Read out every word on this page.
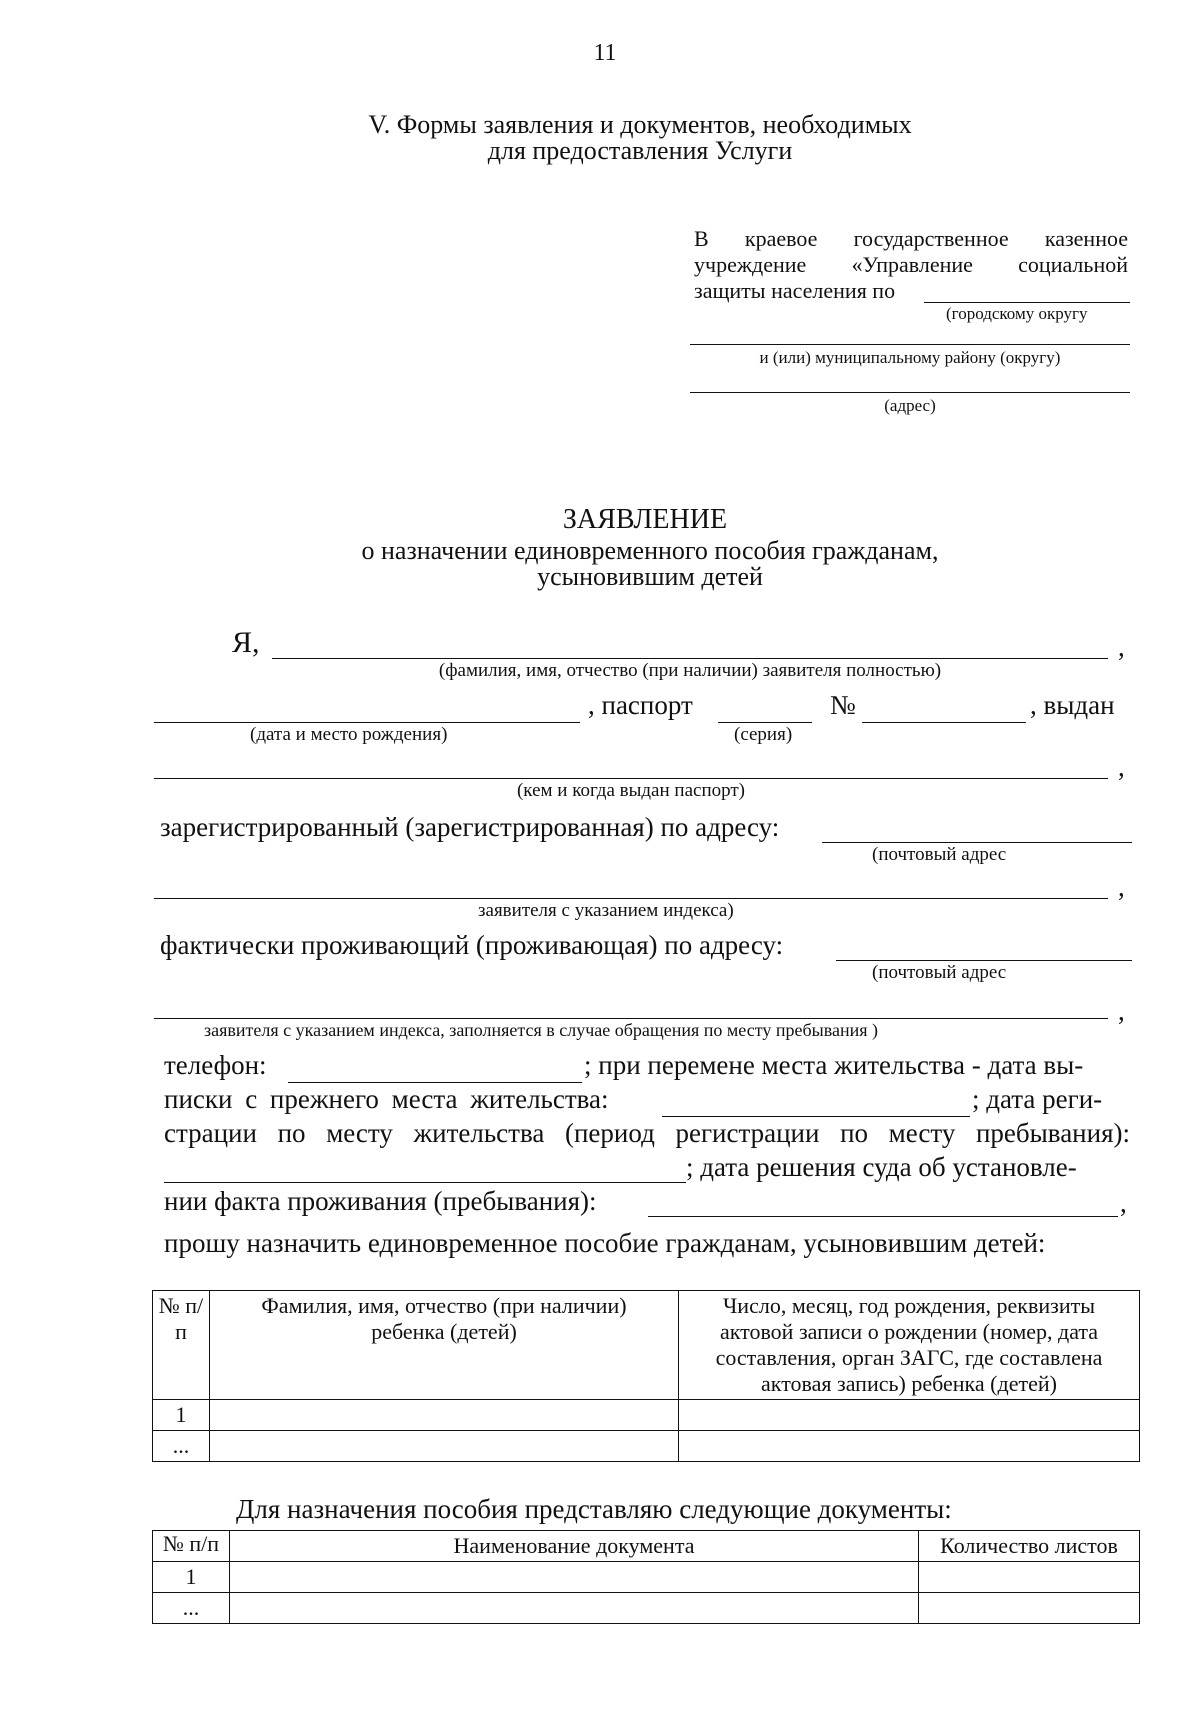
11
V. Формы заявления и документов, необходимых
для предоставления Услуги
В краевое государственное казенное
учреждение «Управление социальной
защиты населения по
(городскому округу
и (или) муниципальному району (округу)
(адрес)
ЗАЯВЛЕНИЕ
о назначении единовременного пособия гражданам,
усыновившим детей
Я,	,
(фамилия, имя, отчество (при наличии) заявителя полностью)
, паспорт	№	, выдан
(дата и место рождения)	(серия)
,
(кем и когда выдан паспорт)
зарегистрированный (зарегистрированная) по адресу:
(почтовый адрес
,
заявителя с указанием индекса)
фактически проживающий (проживающая) по адресу:
(почтовый адрес
,
заявителя с указанием индекса, заполняется в случае обращения по месту пребывания )
телефон:	; при перемене места жительства - дата вы-
писки с прежнего места жительства:	; дата реги-
страции по месту жительства (период регистрации по месту пребывания):
; дата решения суда об установле-
нии факта проживания (пребывания):	,
прошу назначить единовременное пособие гражданам, усыновившим детей:
№ п/п	Фамилия, имя, отчество (при наличии) ребенка (детей)	Число, месяц, год рождения, реквизиты актовой записи о рождении (номер, дата составления, орган ЗАГС, где составлена актовая запись) ребенка (детей)
1		
...		
Для назначения пособия представляю следующие документы:
№ п/п	Наименование документа	Количество листов
1		
...		
